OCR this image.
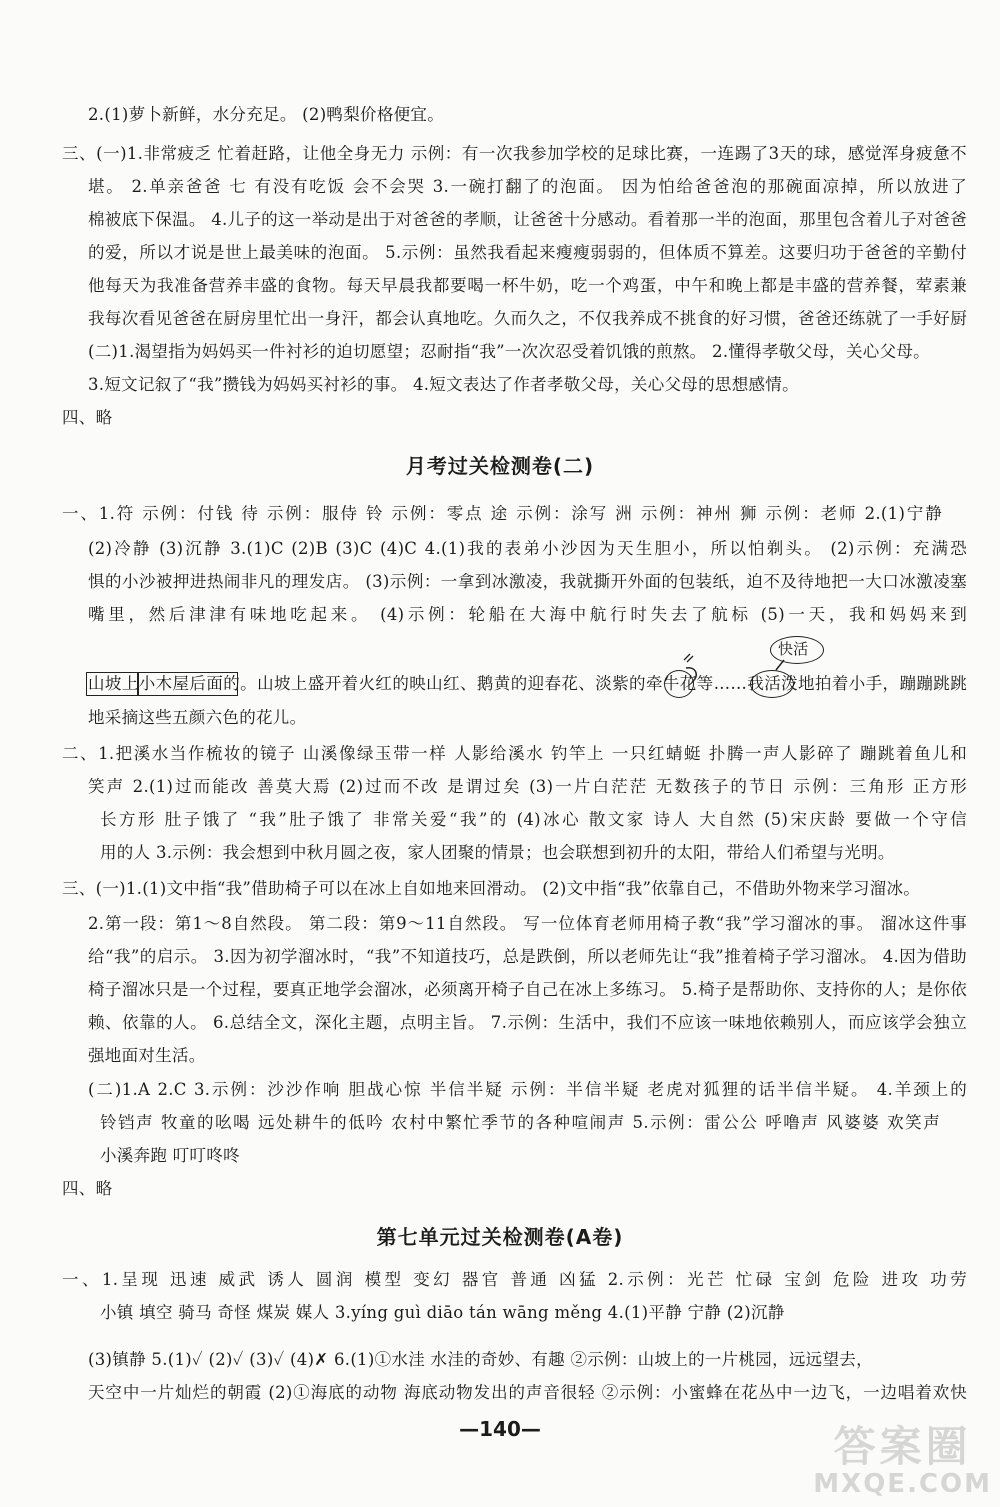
2.(1)萝卜新鲜，水分充足。 (2)鸭梨价格便宜。
三、(一)1.非常疲乏 忙着赶路，让他全身无力 示例：有一次我参加学校的足球比赛，一连踢了3天的球，感觉浑身疲惫不
堪。 2.单亲爸爸 七 有没有吃饭 会不会哭 3.一碗打翻了的泡面。 因为怕给爸爸泡的那碗面凉掉，所以放进了
棉被底下保温。 4.儿子的这一举动是出于对爸爸的孝顺，让爸爸十分感动。看着那一半的泡面，那里包含着儿子对爸爸
的爱，所以才说是世上最美味的泡面。 5.示例：虽然我看起来瘦瘦弱弱的，但体质不算差。这要归功于爸爸的辛勤付
他每天为我准备营养丰盛的食物。每天早晨我都要喝一杯牛奶，吃一个鸡蛋，中午和晚上都是丰盛的营养餐，荤素兼
我每次看见爸爸在厨房里忙出一身汗，都会认真地吃。久而久之，不仅我养成不挑食的好习惯，爸爸还练就了一手好厨
(二)1.渴望指为妈妈买一件衬衫的迫切愿望；忍耐指“我”一次次忍受着饥饿的煎熬。 2.懂得孝敬父母，关心父母。
3.短文记叙了“我”攒钱为妈妈买衬衫的事。 4.短文表达了作者孝敬父母，关心父母的思想感情。
四、略
月考过关检测卷(二)
一、1.符 示例：付钱 待 示例：服侍 铃 示例：零点 途 示例：涂写 洲 示例：神州 狮 示例：老师 2.(1)宁静
(2)冷静 (3)沉静 3.(1)C (2)B (3)C (4)C 4.(1)我的表弟小沙因为天生胆小，所以怕剃头。 (2)示例：充满恐
惧的小沙被押进热闹非凡的理发店。 (3)示例：一拿到冰激凌，我就撕开外面的包装纸，迫不及待地把一大口冰激凌塞
嘴里，然后津津有味地吃起来。 (4)示例：轮船在大海中航行时失去了航标 (5)一天，我和妈妈来到
山坡上小木屋后面的。山坡上盛开着火红的映山红、鹅黄的迎春花、淡紫的牵牛花等……我活泼地拍着小手，蹦蹦跳跳
快活
地采摘这些五颜六色的花儿。
二、1.把溪水当作梳妆的镜子 山溪像绿玉带一样 人影给溪水 钓竿上 一只红蜻蜓 扑腾一声人影碎了 蹦跳着鱼儿和
笑声 2.(1)过而能改 善莫大焉 (2)过而不改 是谓过矣 (3)一片白茫茫 无数孩子的节日 示例：三角形 正方形
长方形 肚子饿了 “我”肚子饿了 非常关爱“我”的 (4)冰心 散文家 诗人 大自然 (5)宋庆龄 要做一个守信
用的人 3.示例：我会想到中秋月圆之夜，家人团聚的情景；也会联想到初升的太阳，带给人们希望与光明。
三、(一)1.(1)文中指“我”借助椅子可以在冰上自如地来回滑动。 (2)文中指“我”依靠自己，不借助外物来学习溜冰。
2.第一段：第1～8自然段。 第二段：第9～11自然段。 写一位体育老师用椅子教“我”学习溜冰的事。 溜冰这件事
给“我”的启示。 3.因为初学溜冰时，“我”不知道技巧，总是跌倒，所以老师先让“我”推着椅子学习溜冰。 4.因为借助
椅子溜冰只是一个过程，要真正地学会溜冰，必须离开椅子自己在冰上多练习。 5.椅子是帮助你、支持你的人；是你依
赖、依靠的人。 6.总结全文，深化主题，点明主旨。 7.示例：生活中，我们不应该一味地依赖别人，而应该学会独立
强地面对生活。
(二)1.A 2.C 3.示例：沙沙作响 胆战心惊 半信半疑 示例：半信半疑 老虎对狐狸的话半信半疑。 4.羊颈上的
铃铛声 牧童的吆喝 远处耕牛的低吟 农村中繁忙季节的各种喧闹声 5.示例：雷公公 呼噜声 风婆婆 欢笑声
小溪奔跑 叮叮咚咚
四、略
第七单元过关检测卷(A卷)
一、1.呈现 迅速 威武 诱人 圆润 模型 变幻 器官 普通 凶猛 2.示例：光芒 忙碌 宝剑 危险 进攻 功劳
小镇 填空 骑马 奇怪 煤炭 媒人 3.yíng guì diāo tán wāng měng 4.(1)平静 宁静 (2)沉静
(3)镇静 5.(1)✓ (2)✓ (3)✓ (4)✗ 6.(1)①水洼 水洼的奇妙、有趣 ②示例：山坡上的一片桃园，远远望去，
天空中一片灿烂的朝霞 (2)①海底的动物 海底动物发出的声音很轻 ②示例：小蜜蜂在花丛中一边飞，一边唱着欢快
—140—	答案圈
MXQE.COM
